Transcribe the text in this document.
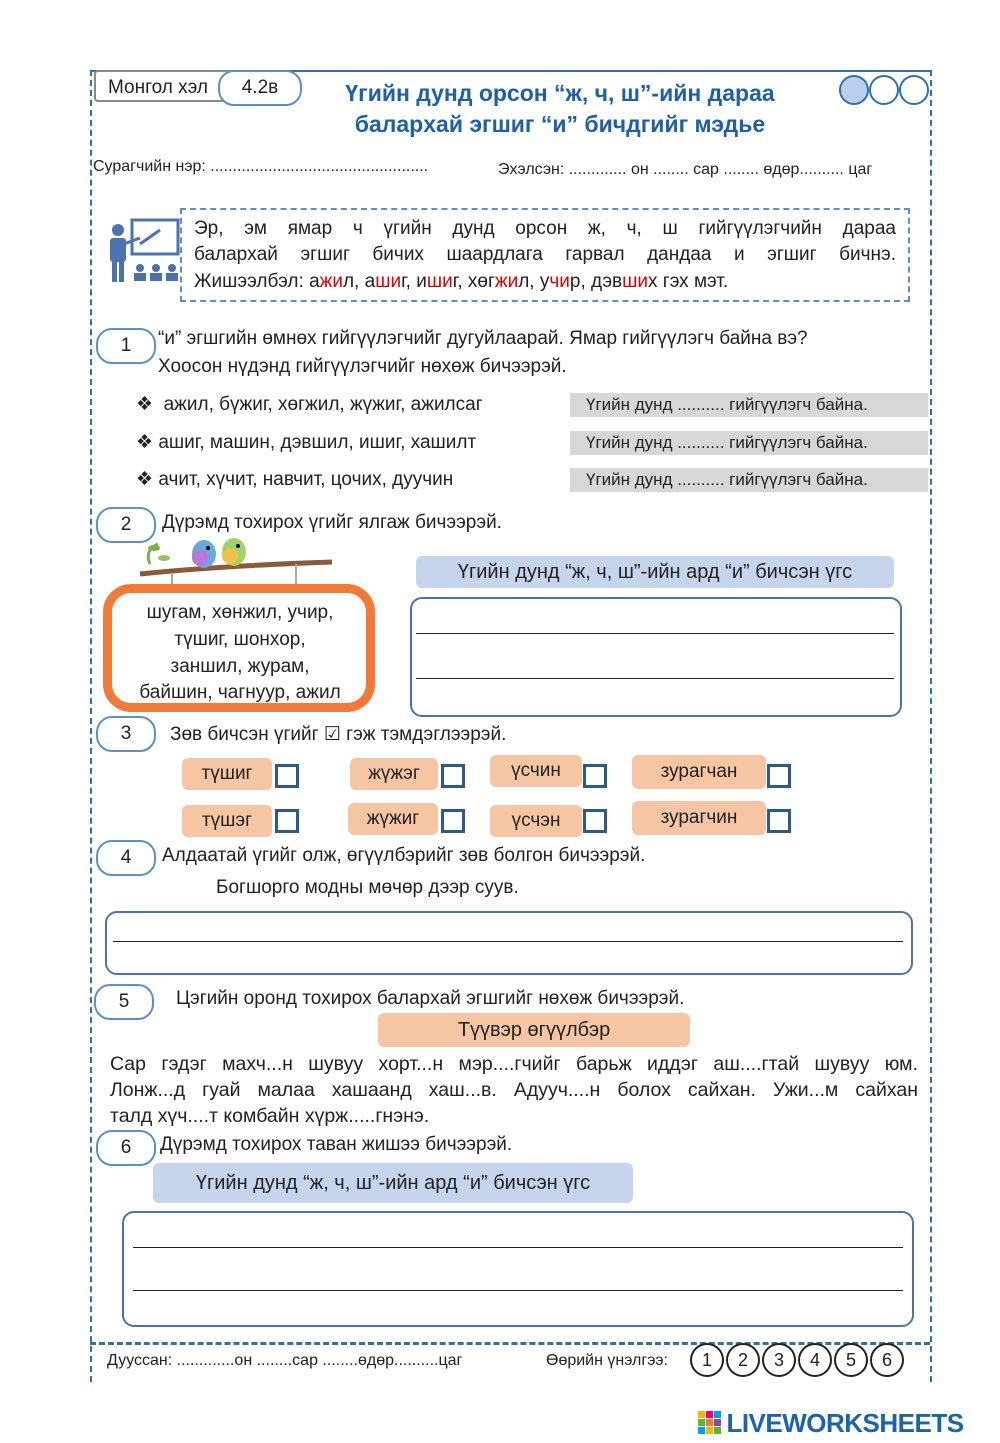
Монгол хэл	4.2в	Үгийн дунд орсон “ж, ч, ш”-ийн дараа
баларxай эгшиг “и” бичдгийг мэдье
Сурагчийн нэр: .................................................	Эхэлсэн: ............. он ........ сар ........ өдөр.......... цаг
Эр, эм ямар ч үгийн дунд орсон ж, ч, ш гийгүүлэгчийн дараа
баларxай эгшиг бичих шаардлага гарвал дандаа и эгшиг бичнэ.
Жишээлбэл: ажил, ашиг, ишиг, хөгжил, учир, дэвших гэх мэт.
1	“и” эгшгийн өмнөх гийгүүлэгчийг дугуйлаарай. Ямар гийгүүлэгч байна вэ?
Хоосон нүдэнд гийгүүлэгчийг нөхөж бичээрэй.
❖  ажил, бүжиг, хөгжил, жүжиг, ажилсаг	Үгийн дунд .......... гийгүүлэгч байна.
❖ ашиг, машин, дэвшил, ишиг, хашилт	Үгийн дунд .......... гийгүүлэгч байна.
❖ ачит, хүчит, навчит, цочих, дуучин	Үгийн дунд .......... гийгүүлэгч байна.
2	Дүрэмд тохирох үгийг ялгаж бичээрэй.
шугам, хөнжил, учир,
түшиг, шонхор,
заншил, журам,
байшин, чагнуур, ажил
Үгийн дунд “ж, ч, ш”-ийн ард “и” бичсэн үгс
3	Зөв бичсэн үгийг ☑ гэж тэмдэглээрэй.
түшиг	жүжэг	үсчин	зурагчан
түшэг	жүжиг	үсчэн	зурагчин
4	Алдаатай үгийг олж, өгүүлбэрийг зөв болгон бичээрэй.
Богшорго модны мөчөр дээр суув.
5	Цэгийн оронд тохирох баларxай эгшгийг нөхөж бичээрэй.
Түүвэр өгүүлбэр
Сар гэдэг махч...н шувуу хорт...н мэр....гчийг барьж иддэг аш....гтай шувуу юм.
Лонж...д гуай малаа хашаанд хаш...в. Адууч....н болох сайхан. Ужи...м сайхан
талд хүч....т комбайн хүрж.....гнэнэ.
6	Дүрэмд тохирох таван жишээ бичээрэй.
Үгийн дунд “ж, ч, ш”-ийн ард “и” бичсэн үгс
Дууссан: .............он ........сар ........өдөр..........цаг	Өөрийн үнэлгээ:	1 2 3 4 5 6
LIVEWORKSHEETS
